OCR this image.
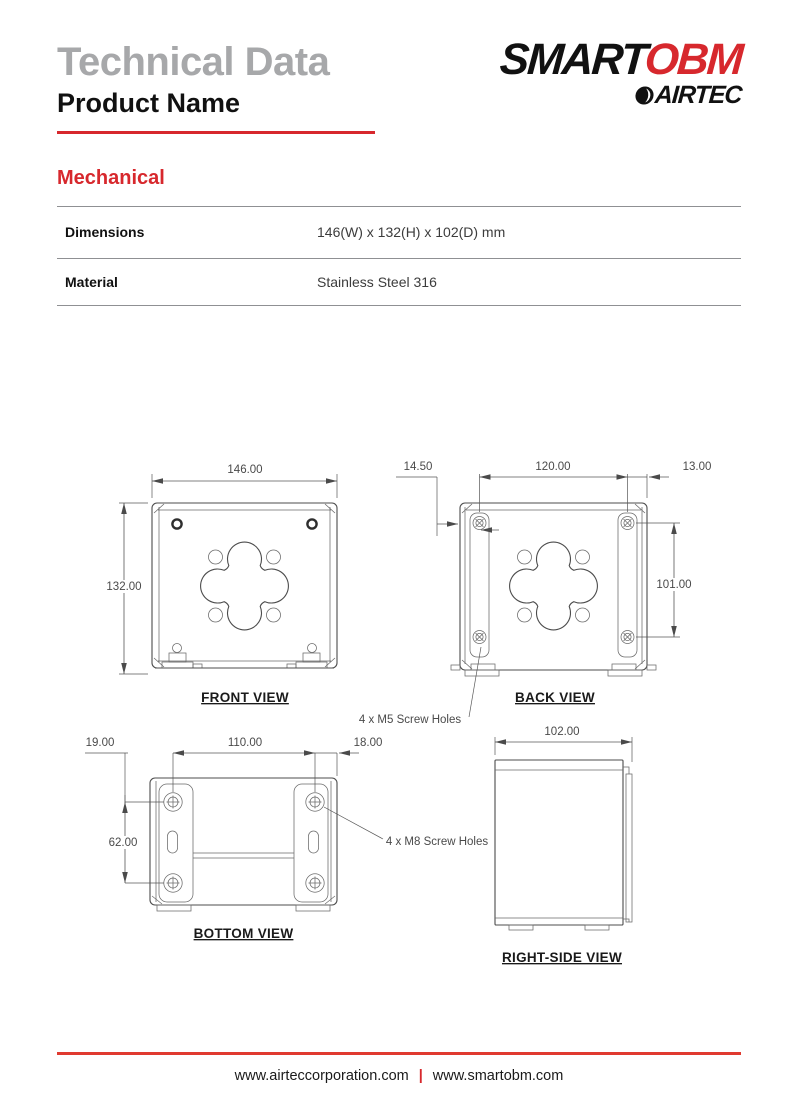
Technical Data
Product Name
SMARTOBM
AIRTEC
Mechanical
Dimensions	146(W) x 132(H) x 102(D) mm
Material	Stainless Steel 316
146.00
132.00
FRONT VIEW
14.50	120.00	13.00
101.00
BACK VIEW
4 x M5 Screw Holes
19.00	110.00	18.00
62.00	4 x M8 Screw Holes
BOTTOM VIEW
102.00
RIGHT-SIDE VIEW
www.airteccorporation.com | www.smartobm.com
